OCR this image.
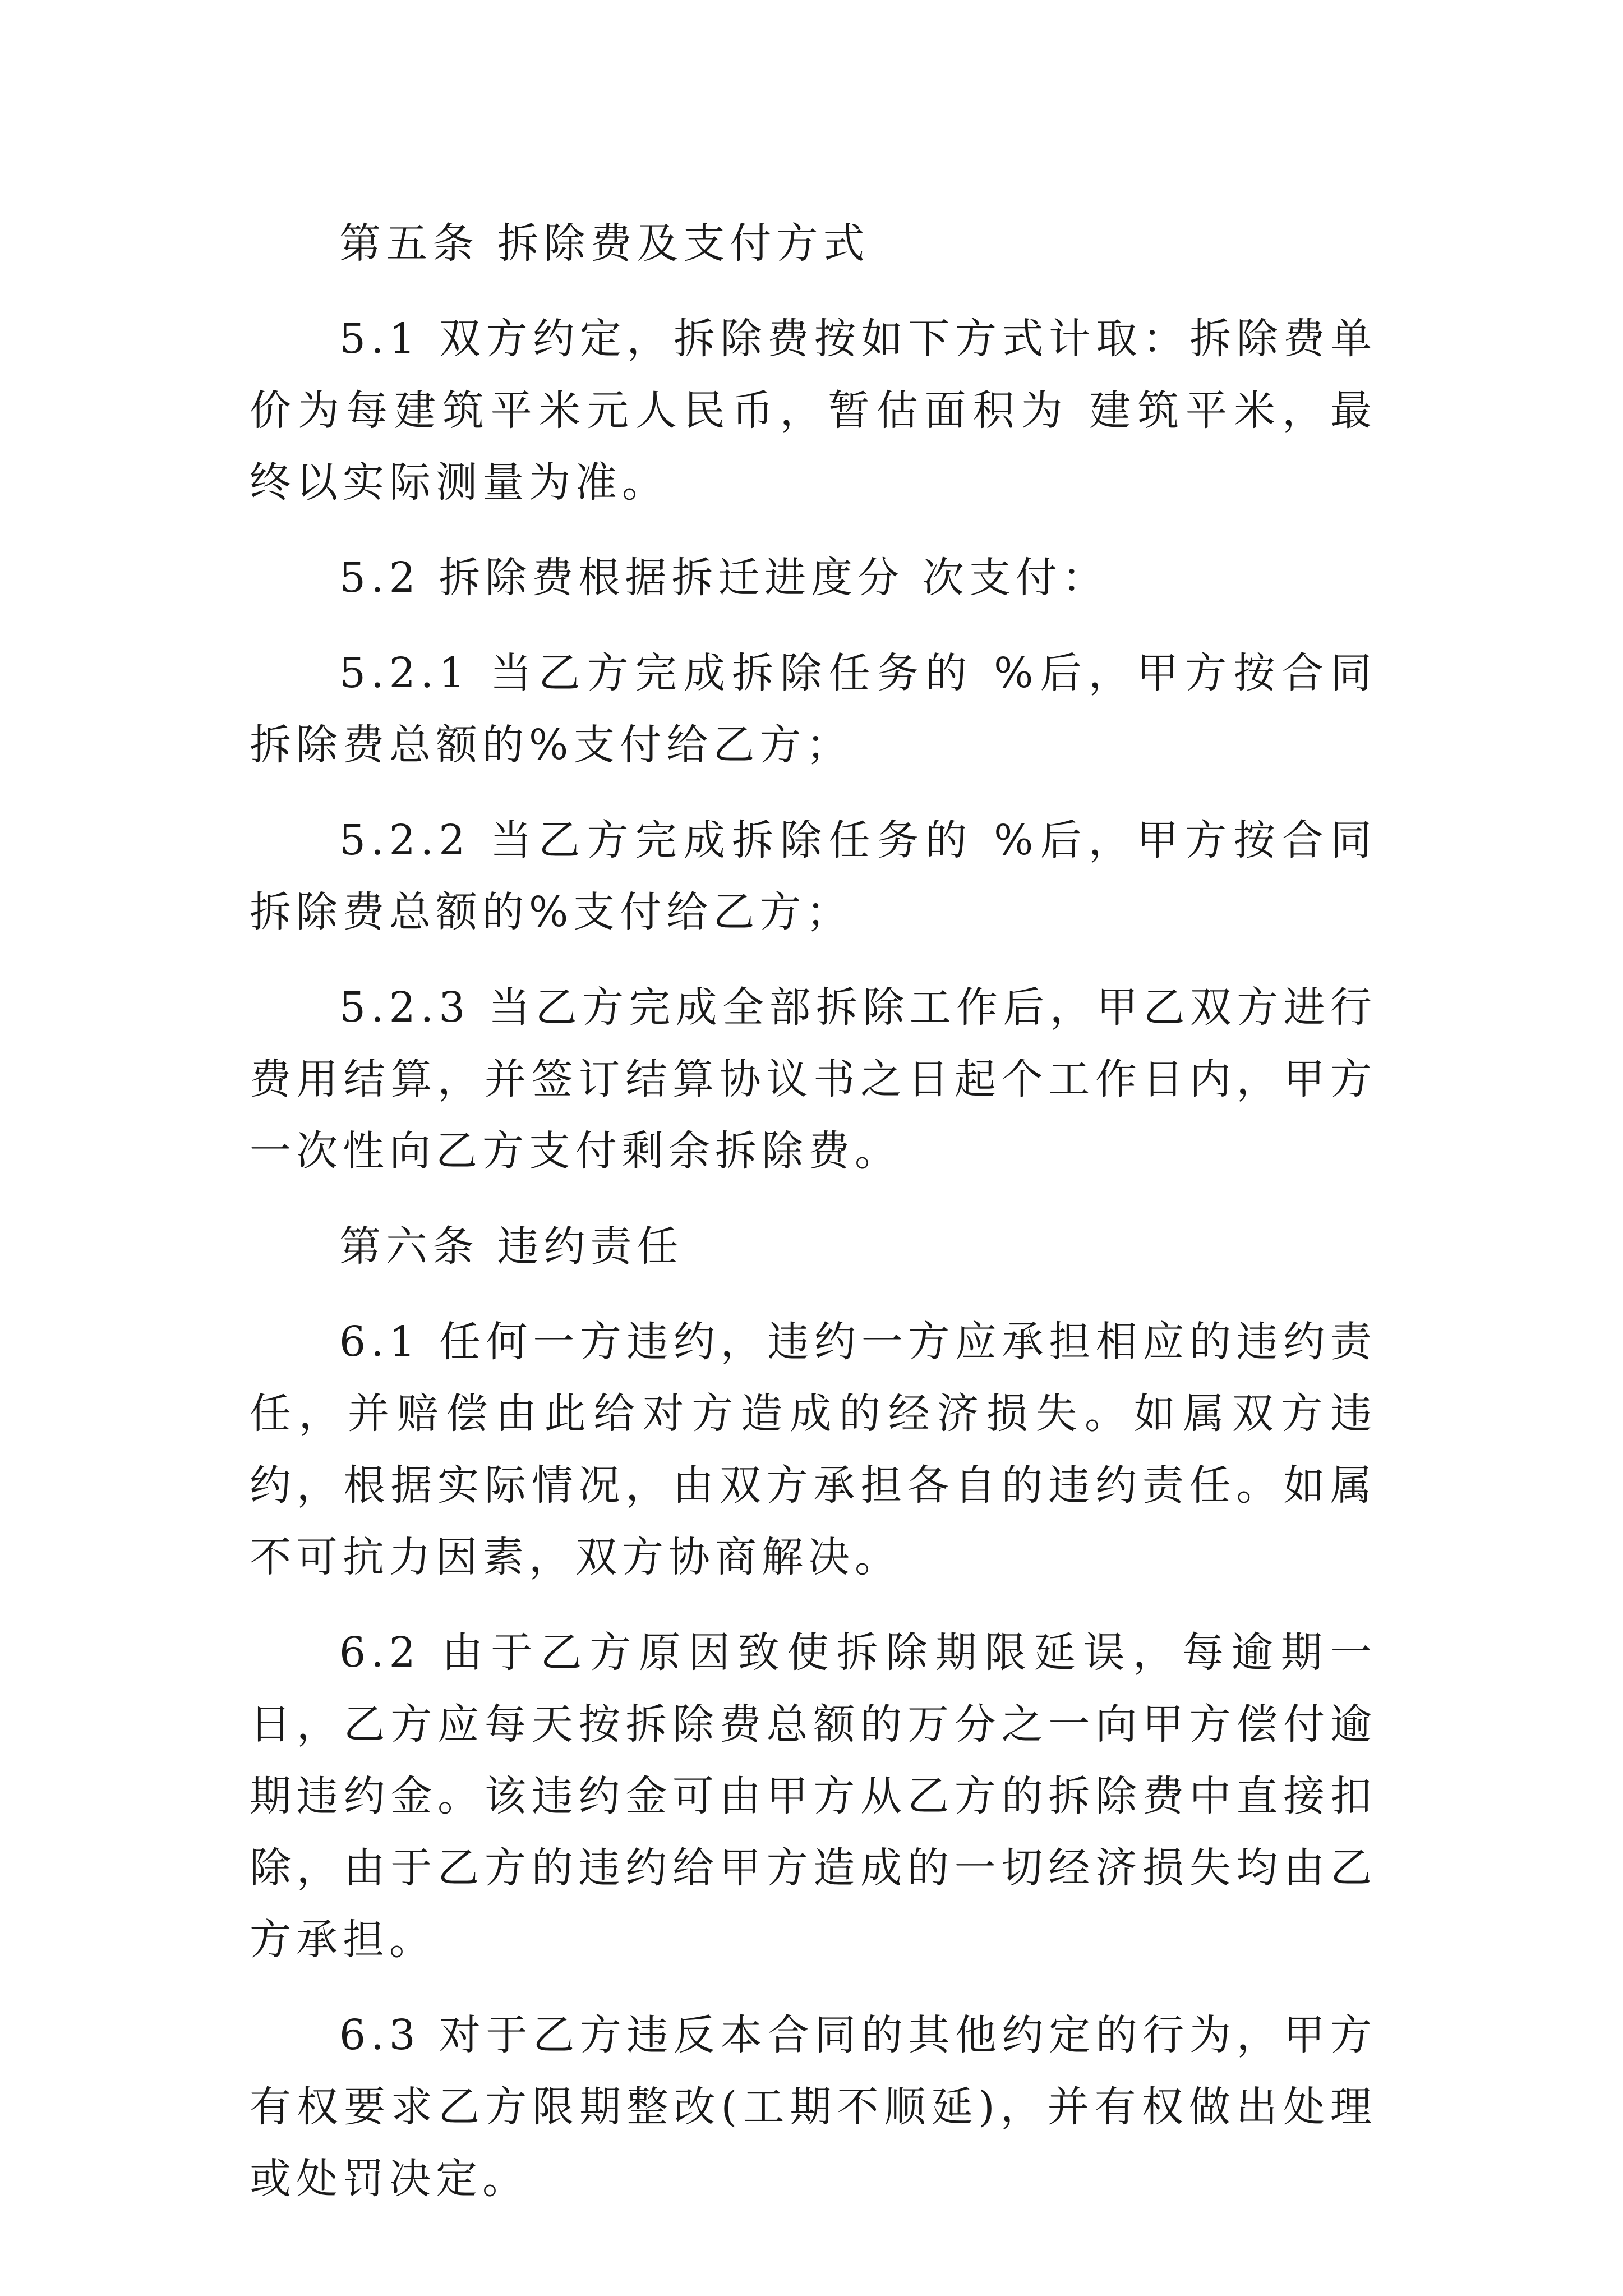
第五条 拆除费及支付方式

5.1 双方约定，拆除费按如下方式计取：拆除费单价为每建筑平米元人民币，暂估面积为 建筑平米，最终以实际测量为准。

5.2 拆除费根据拆迁进度分 次支付：

5.2.1 当乙方完成拆除任务的 %后，甲方按合同拆除费总额的%支付给乙方；

5.2.2 当乙方完成拆除任务的 %后，甲方按合同拆除费总额的%支付给乙方；

5.2.3 当乙方完成全部拆除工作后，甲乙双方进行费用结算，并签订结算协议书之日起个工作日内，甲方一次性向乙方支付剩余拆除费。

第六条 违约责任

6.1 任何一方违约，违约一方应承担相应的违约责任，并赔偿由此给对方造成的经济损失。如属双方违约，根据实际情况，由双方承担各自的违约责任。如属不可抗力因素，双方协商解决。

6.2 由于乙方原因致使拆除期限延误，每逾期一日，乙方应每天按拆除费总额的万分之一向甲方偿付逾期违约金。该违约金可由甲方从乙方的拆除费中直接扣除，由于乙方的违约给甲方造成的一切经济损失均由乙方承担。

6.3 对于乙方违反本合同的其他约定的行为，甲方有权要求乙方限期整改(工期不顺延)，并有权做出处理或处罚决定。
